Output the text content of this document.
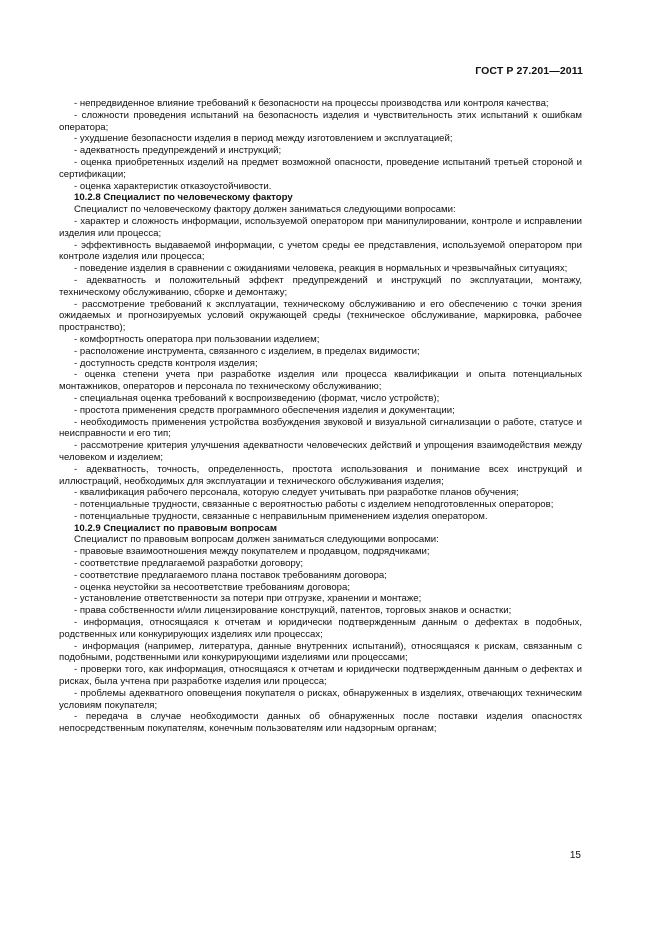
ГОСТ Р 27.201—2011

- непредвиденное влияние требований к безопасности на процессы производства или контроля качества;

- сложности проведения испытаний на безопасность изделия и чувствительность этих испытаний к ошибкам оператора;

- ухудшение безопасности изделия в период между изготовлением и эксплуатацией;

- адекватность предупреждений и инструкций;

- оценка приобретенных изделий на предмет возможной опасности, проведение испытаний третьей стороной и сертификации;

- оценка характеристик отказоустойчивости.

10.2.8 Специалист по человеческому фактору

Специалист по человеческому фактору должен заниматься следующими вопросами:

- характер и сложность информации, используемой оператором при манипулировании, контроле и исправлении изделия или процесса;

- эффективность выдаваемой информации, с учетом среды ее представления, используемой оператором при контроле изделия или процесса;

- поведение изделия в сравнении с ожиданиями человека, реакция в нормальных и чрезвычайных ситуациях;

- адекватность и положительный эффект предупреждений и инструкций по эксплуатации, монтажу, техническому обслуживанию, сборке и демонтажу;

- рассмотрение требований к эксплуатации, техническому обслуживанию и его обеспечению с точки зрения ожидаемых и прогнозируемых условий окружающей среды (техническое обслуживание, маркировка, рабочее пространство);

- комфортность оператора при пользовании изделием;

- расположение инструмента, связанного с изделием, в пределах видимости;

- доступность средств контроля изделия;

- оценка степени учета при разработке изделия или процесса квалификации и опыта потенциальных монтажников, операторов и персонала по техническому обслуживанию;

- специальная оценка требований к воспроизведению (формат, число устройств);

- простота применения средств программного обеспечения изделия и документации;

- необходимость применения устройства возбуждения звуковой и визуальной сигнализации о работе, статусе и неисправности и его тип;

- рассмотрение критерия улучшения адекватности человеческих действий и упрощения взаимодействия между человеком и изделием;

- адекватность, точность, определенность, простота использования и понимание всех инструкций и иллюстраций, необходимых для эксплуатации и технического обслуживания изделия;

- квалификация рабочего персонала, которую следует учитывать при разработке планов обучения;

- потенциальные трудности, связанные с вероятностью работы с изделием неподготовленных операторов;

- потенциальные трудности, связанные с неправильным применением изделия оператором.

10.2.9 Специалист по правовым вопросам

Специалист по правовым вопросам должен заниматься следующими вопросами:

- правовые взаимоотношения между покупателем и продавцом, подрядчиками;

- соответствие предлагаемой разработки договору;

- соответствие предлагаемого плана поставок требованиям договора;

- оценка неустойки за несоответствие требованиям договора;

- установление ответственности за потери при отгрузке, хранении и монтаже;

- права собственности и/или лицензирование конструкций, патентов, торговых знаков и оснастки;

- информация, относящаяся к отчетам и юридически подтвержденным данным о дефектах в подобных, родственных или конкурирующих изделиях или процессах;

- информация (например, литература, данные внутренних испытаний), относящаяся к рискам, связанным с подобными, родственными или конкурирующими изделиями или процессами;

- проверки того, как информация, относящаяся к отчетам и юридически подтвержденным данным о дефектах и рисках, была учтена при разработке изделия или процесса;

- проблемы адекватного оповещения покупателя о рисках, обнаруженных в изделиях, отвечающих техническим условиям покупателя;

- передача в случае необходимости данных об обнаруженных после поставки изделия опасностях непосредственным покупателям, конечным пользователям или надзорным органам;

15
